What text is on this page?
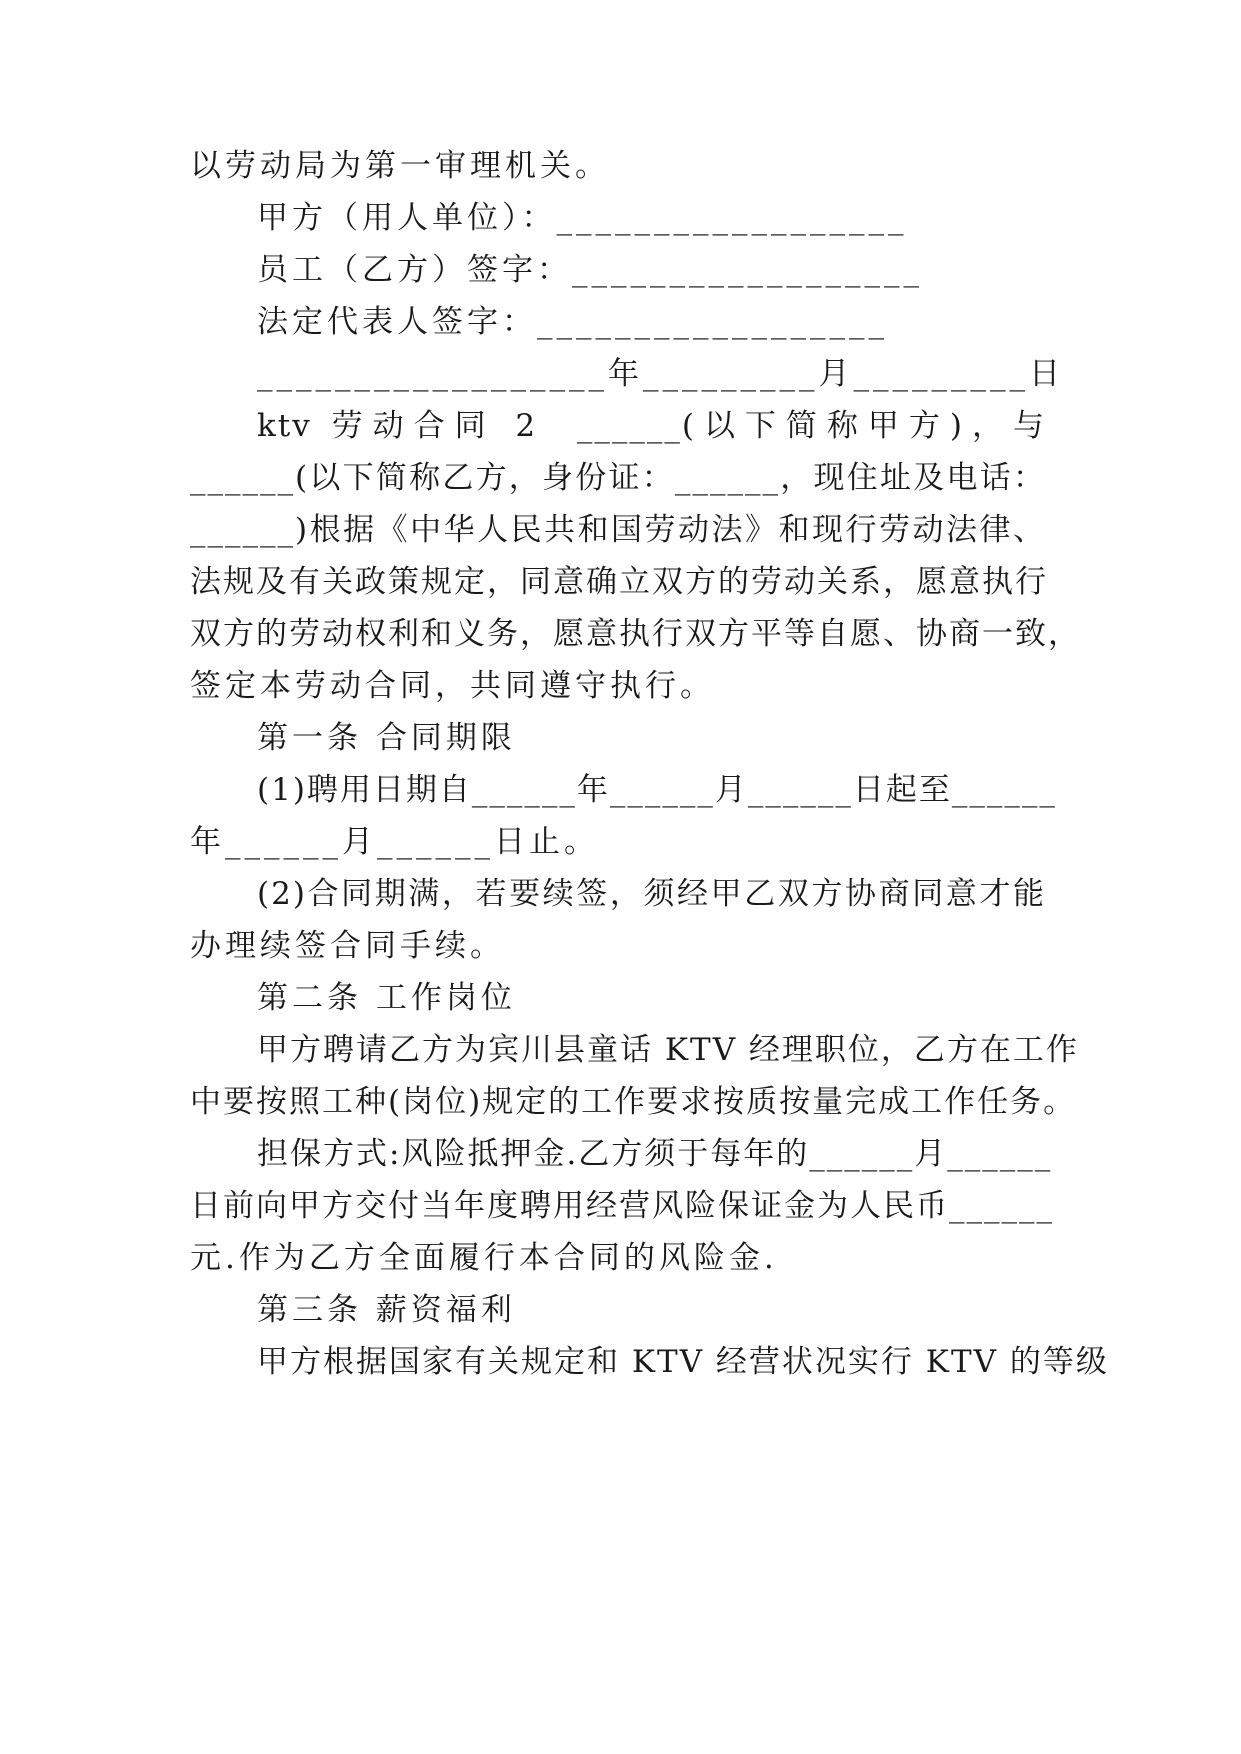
以劳动局为第一审理机关。
甲方（用人单位）：__________________
员工（乙方）签字：__________________
法定代表人签字：__________________
__________________年_________月_________日
ktv 劳动合同 2  ______(以下简称甲方)，与
______(以下简称乙方，身份证：______，现住址及电话：
______)根据《中华人民共和国劳动法》和现行劳动法律、
法规及有关政策规定，同意确立双方的劳动关系，愿意执行
双方的劳动权利和义务，愿意执行双方平等自愿、协商一致，
签定本劳动合同，共同遵守执行。
第一条 合同期限
(1)聘用日期自______年______月______日起至______
年______月______日止。
(2)合同期满，若要续签，须经甲乙双方协商同意才能
办理续签合同手续。
第二条 工作岗位
甲方聘请乙方为宾川县童话 KTV 经理职位，乙方在工作
中要按照工种(岗位)规定的工作要求按质按量完成工作任务。
担保方式:风险抵押金.乙方须于每年的______月______
日前向甲方交付当年度聘用经营风险保证金为人民币______
元.作为乙方全面履行本合同的风险金.
第三条 薪资福利
甲方根据国家有关规定和 KTV 经营状况实行 KTV 的等级
